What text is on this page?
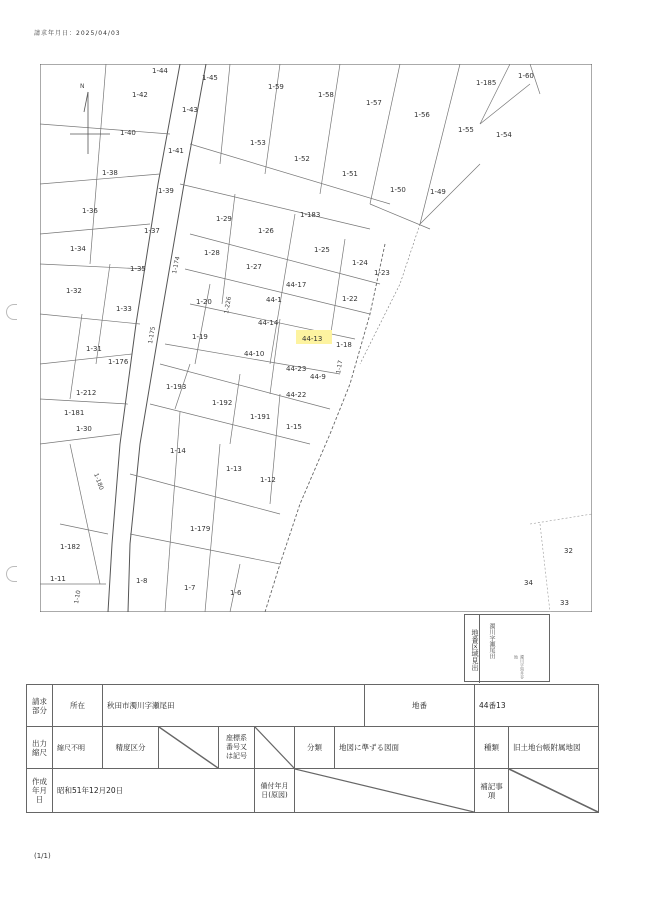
請求年月日：2025/04/03
N
1-44
1-45
1-42
1-43
1-40
1-41
1-38
1-39
1-36
1-37
1-34
1-35
1-32
1-33
1-31
1-176
1-212
1-181
1-30
1-59
1-58
1-57
1-56
1-55
1-54
1-60
1-185
1-53
1-52
1-51
1-50	1-49
1-29
1-26
1-183
1-28
1-27
1-25
1-24
1-23
44-17
1-20	44-1	1-22
44-14
1-19
44-10
44-23
44-9
1-18
44-22
1-193
1-192
1-191
1-15
1-14
1-13
1-12
1-179
1-182
1-11	1-8
1-7
1-6
32
34
33
44-13
1-174
1-175
1-226
1-180
1-10
1-17
地番区域見出 濁川字瀬尾田
濁川字黒井谷地
請求部分	所在	秋田市濁川字瀬尾田						地番	44番13	
出力縮尺	縮尺不明	精度区分		座標系番号又は記号		分類	地図に準ずる図面		種類	旧土地台帳附属地図
作成年月日	昭和51年12月20日				備付年月日(原図)				補記事項	
(1/1)
